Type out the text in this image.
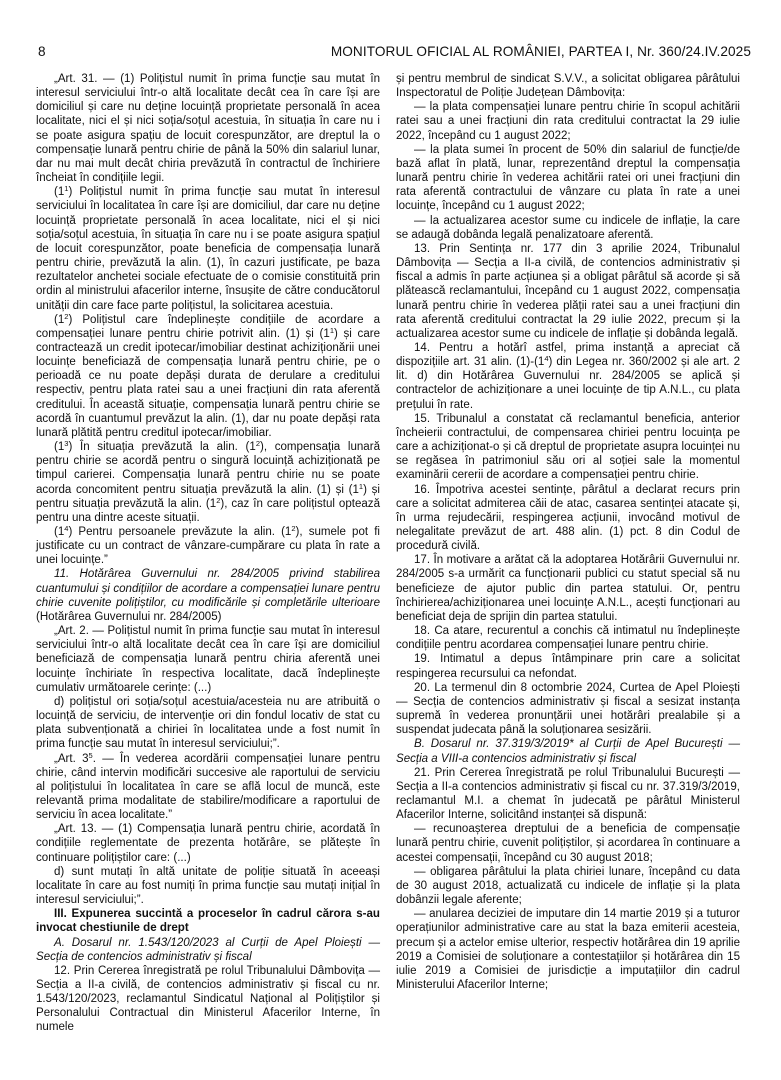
8	MONITORUL OFICIAL AL ROMÂNIEI, PARTEA I, Nr. 360/24.IV.2025

„Art. 31. — (1) Polițistul numit în prima funcție sau mutat în interesul serviciului într-o altă localitate decât cea în care își are domiciliul și care nu deține locuință proprietate personală în acea localitate, nici el și nici soția/soțul acestuia, în situația în care nu i se poate asigura spațiu de locuit corespunzător, are dreptul la o compensație lunară pentru chirie de până la 50% din salariul lunar, dar nu mai mult decât chiria prevăzută în contractul de închiriere încheiat în condițiile legii.

$(1^1)$ Polițistul numit în prima funcție sau mutat în interesul serviciului în localitatea în care își are domiciliul, dar care nu deține locuință proprietate personală în acea localitate, nici el și nici soția/soțul acestuia, în situația în care nu i se poate asigura spațiul de locuit corespunzător, poate beneficia de compensația lunară pentru chirie, prevăzută la alin. (1), în cazuri justificate, pe baza rezultatelor anchetei sociale efectuate de o comisie constituită prin ordin al ministrului afacerilor interne, însușite de către conducătorul unității din care face parte polițistul, la solicitarea acestuia.

$(1^2)$ Polițistul care îndeplinește condițiile de acordare a compensației lunare pentru chirie potrivit alin. (1) și $(1^1)$ și care contractează un credit ipotecar/imobiliar destinat achiziționării unei locuințe beneficiază de compensația lunară pentru chirie, pe o perioadă ce nu poate depăși durata de derulare a creditului respectiv, pentru plata ratei sau a unei fracțiuni din rata aferentă creditului. În această situație, compensația lunară pentru chirie se acordă în cuantumul prevăzut la alin. (1), dar nu poate depăși rata lunară plătită pentru creditul ipotecar/imobiliar.

$(1^3)$ În situația prevăzută la alin. $(1^2)$, compensația lunară pentru chirie se acordă pentru o singură locuință achiziționată pe timpul carierei. Compensația lunară pentru chirie nu se poate acorda concomitent pentru situația prevăzută la alin. (1) și $(1^1)$ și pentru situația prevăzută la alin. $(1^2)$, caz în care polițistul optează pentru una dintre aceste situații.

$(1^4)$ Pentru persoanele prevăzute la alin. $(1^2)$, sumele pot fi justificate cu un contract de vânzare-cumpărare cu plata în rate a unei locuințe.”

11. Hotărârea Guvernului nr. 284/2005 privind stabilirea cuantumului și condițiilor de acordare a compensației lunare pentru chirie cuvenite polițiștilor, cu modificările și completările ulterioare (Hotărârea Guvernului nr. 284/2005)

„Art. 2. — Polițistul numit în prima funcție sau mutat în interesul serviciului într-o altă localitate decât cea în care își are domiciliul beneficiază de compensația lunară pentru chiria aferentă unei locuințe închiriate în respectiva localitate, dacă îndeplinește cumulativ următoarele cerințe: (...)

d) polițistul ori soția/soțul acestuia/acesteia nu are atribuită o locuință de serviciu, de intervenție ori din fondul locativ de stat cu plata subvenționată a chiriei în localitatea unde a fost numit în prima funcție sau mutat în interesul serviciului;”.

„Art. $3^5$. — În vederea acordării compensației lunare pentru chirie, când intervin modificări succesive ale raportului de serviciu al polițistului în localitatea în care se află locul de muncă, este relevantă prima modalitate de stabilire/modificare a raportului de serviciu în acea localitate.”

„Art. 13. — (1) Compensația lunară pentru chirie, acordată în condițiile reglementate de prezenta hotărâre, se plătește în continuare polițiștilor care: (...)

d) sunt mutați în altă unitate de poliție situată în aceeași localitate în care au fost numiți în prima funcție sau mutați inițial în interesul serviciului;”.

III. Expunerea succintă a proceselor în cadrul cărora s-au invocat chestiunile de drept

A. Dosarul nr. 1.543/120/2023 al Curții de Apel Ploiești — Secția de contencios administrativ și fiscal

12. Prin Cererea înregistrată pe rolul Tribunalului Dâmbovița — Secția a II-a civilă, de contencios administrativ și fiscal cu nr. 1.543/120/2023, reclamantul Sindicatul Național al Polițiștilor și Personalului Contractual din Ministerul Afacerilor Interne, în numele

și pentru membrul de sindicat S.V.V., a solicitat obligarea pârâtului Inspectoratul de Poliție Județean Dâmbovița:

— la plata compensației lunare pentru chirie în scopul achitării ratei sau a unei fracțiuni din rata creditului contractat la 29 iulie 2022, începând cu 1 august 2022;

— la plata sumei în procent de 50% din salariul de funcție/de bază aflat în plată, lunar, reprezentând dreptul la compensația lunară pentru chirie în vederea achitării ratei ori unei fracțiuni din rata aferentă contractului de vânzare cu plata în rate a unei locuințe, începând cu 1 august 2022;

— la actualizarea acestor sume cu indicele de inflație, la care se adaugă dobânda legală penalizatoare aferentă.

13. Prin Sentința nr. 177 din 3 aprilie 2024, Tribunalul Dâmbovița — Secția a II-a civilă, de contencios administrativ și fiscal a admis în parte acțiunea și a obligat pârâtul să acorde și să plătească reclamantului, începând cu 1 august 2022, compensația lunară pentru chirie în vederea plății ratei sau a unei fracțiuni din rata aferentă creditului contractat la 29 iulie 2022, precum și la actualizarea acestor sume cu indicele de inflație și dobânda legală.

14. Pentru a hotărî astfel, prima instanță a apreciat că dispozițiile art. 31 alin. $(1)-(1^4)$ din Legea nr. 360/2002 și ale art. 2 lit. d) din Hotărârea Guvernului nr. 284/2005 se aplică și contractelor de achiziționare a unei locuințe de tip A.N.L., cu plata prețului în rate.

15. Tribunalul a constatat că reclamantul beneficia, anterior încheierii contractului, de compensarea chiriei pentru locuința pe care a achiziționat-o și că dreptul de proprietate asupra locuinței nu se regăsea în patrimoniul său ori al soției sale la momentul examinării cererii de acordare a compensației pentru chirie.

16. Împotriva acestei sentințe, pârâtul a declarat recurs prin care a solicitat admiterea căii de atac, casarea sentinței atacate și, în urma rejudecării, respingerea acțiunii, invocând motivul de nelegalitate prevăzut de art. 488 alin. (1) pct. 8 din Codul de procedură civilă.

17. În motivare a arătat că la adoptarea Hotărârii Guvernului nr. 284/2005 s-a urmărit ca funcționarii publici cu statut special să nu beneficieze de ajutor public din partea statului. Or, pentru închirierea/achiziționarea unei locuințe A.N.L., acești funcționari au beneficiat deja de sprijin din partea statului.

18. Ca atare, recurentul a conchis că intimatul nu îndeplinește condițiile pentru acordarea compensației lunare pentru chirie.

19. Intimatul a depus întâmpinare prin care a solicitat respingerea recursului ca nefondat.

20. La termenul din 8 octombrie 2024, Curtea de Apel Ploiești — Secția de contencios administrativ și fiscal a sesizat instanța supremă în vederea pronunțării unei hotărâri prealabile și a suspendat judecata până la soluționarea sesizării.

B. Dosarul nr. 37.319/3/2019* al Curții de Apel București — Secția a VIII-a contencios administrativ și fiscal

21. Prin Cererea înregistrată pe rolul Tribunalului București — Secția a II-a contencios administrativ și fiscal cu nr. 37.319/3/2019, reclamantul M.I. a chemat în judecată pe pârâtul Ministerul Afacerilor Interne, solicitând instanței să dispună:

— recunoașterea dreptului de a beneficia de compensație lunară pentru chirie, cuvenit polițiștilor, și acordarea în continuare a acestei compensații, începând cu 30 august 2018;

— obligarea pârâtului la plata chiriei lunare, începând cu data de 30 august 2018, actualizată cu indicele de inflație și la plata dobânzii legale aferente;

— anularea deciziei de imputare din 14 martie 2019 și a tuturor operațiunilor administrative care au stat la baza emiterii acesteia, precum și a actelor emise ulterior, respectiv hotărârea din 19 aprilie 2019 a Comisiei de soluționare a contestațiilor și hotărârea din 15 iulie 2019 a Comisiei de jurisdicție a imputațiilor din cadrul Ministerului Afacerilor Interne;
